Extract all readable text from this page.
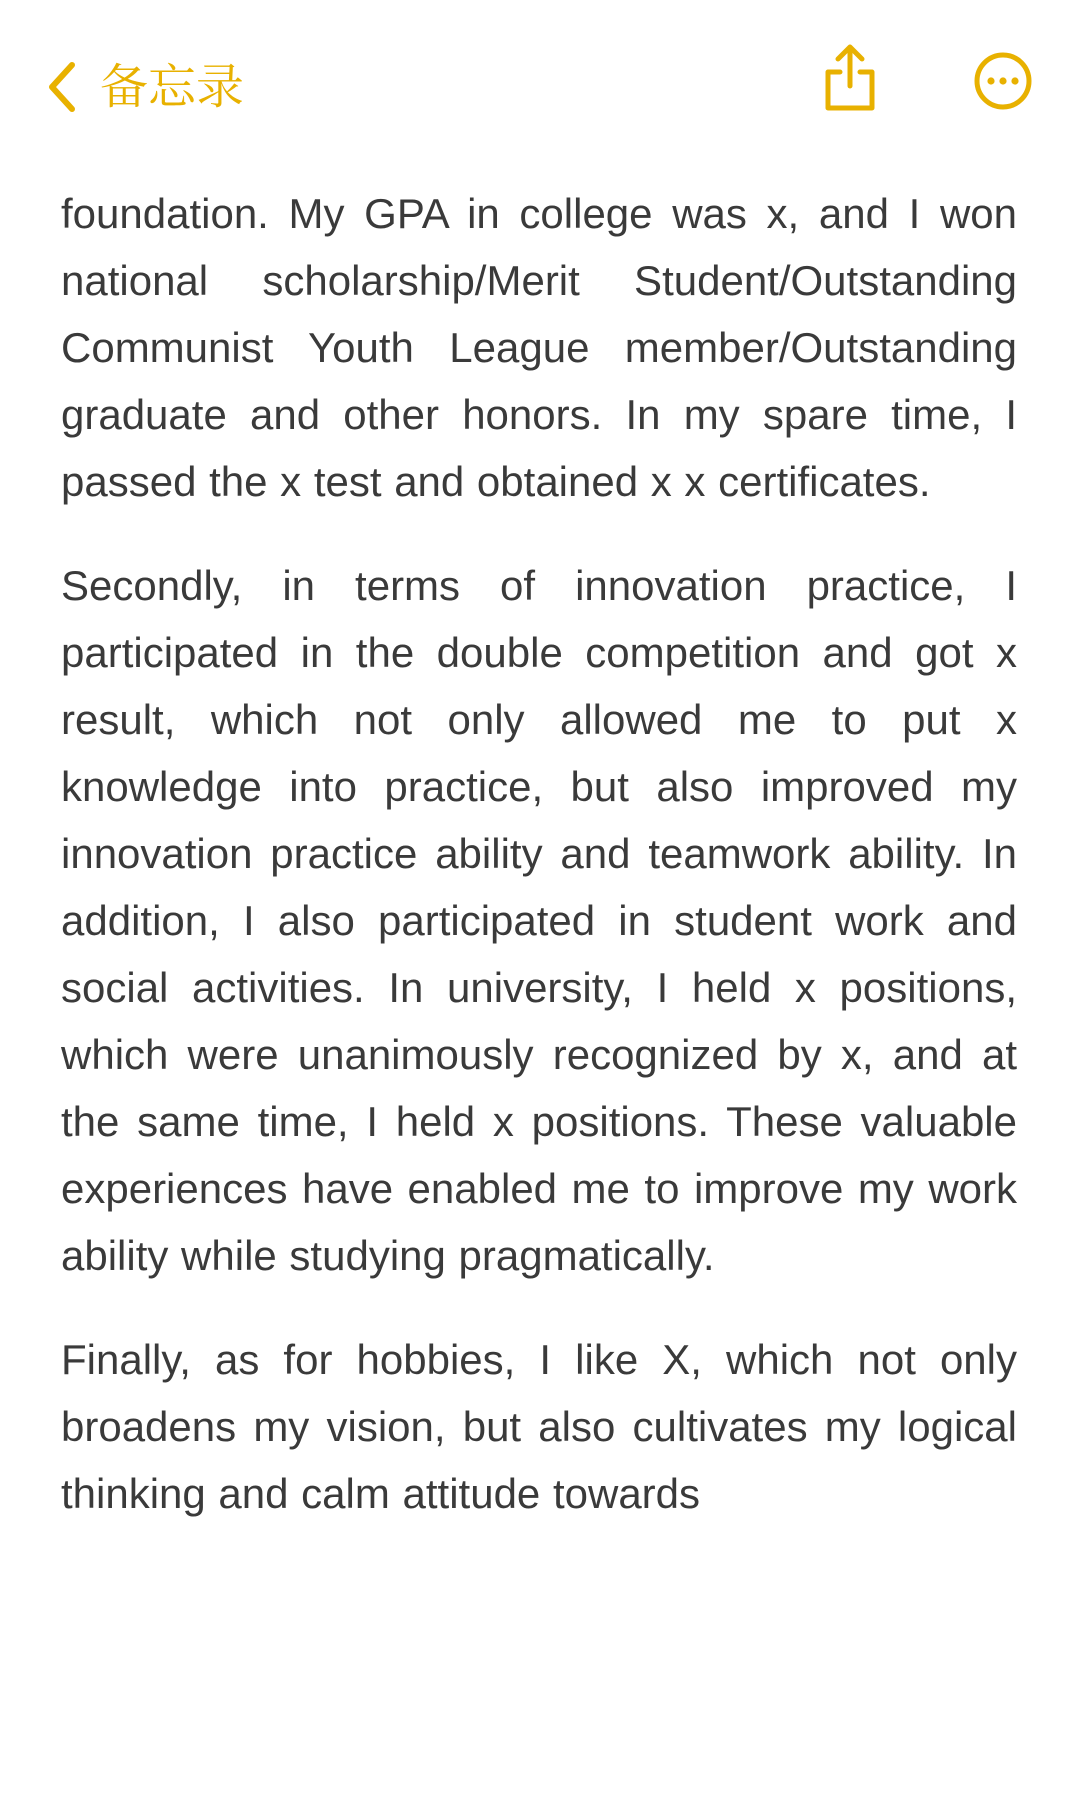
备忘录

foundation. My GPA in college was x, and I won national scholarship/Merit Student/Outstanding Communist Youth League member/Outstanding graduate and other honors. In my spare time, I passed the x test and obtained x x certificates.

Secondly, in terms of innovation practice, I participated in the double competition and got x result, which not only allowed me to put x knowledge into practice, but also improved my innovation practice ability and teamwork ability. In addition, I also participated in student work and social activities. In university, I held x positions, which were unanimously recognized by x, and at the same time, I held x positions. These valuable experiences have enabled me to improve my work ability while studying pragmatically.

Finally, as for hobbies, I like X, which not only broadens my vision, but also cultivates my logical thinking and calm attitude towards
